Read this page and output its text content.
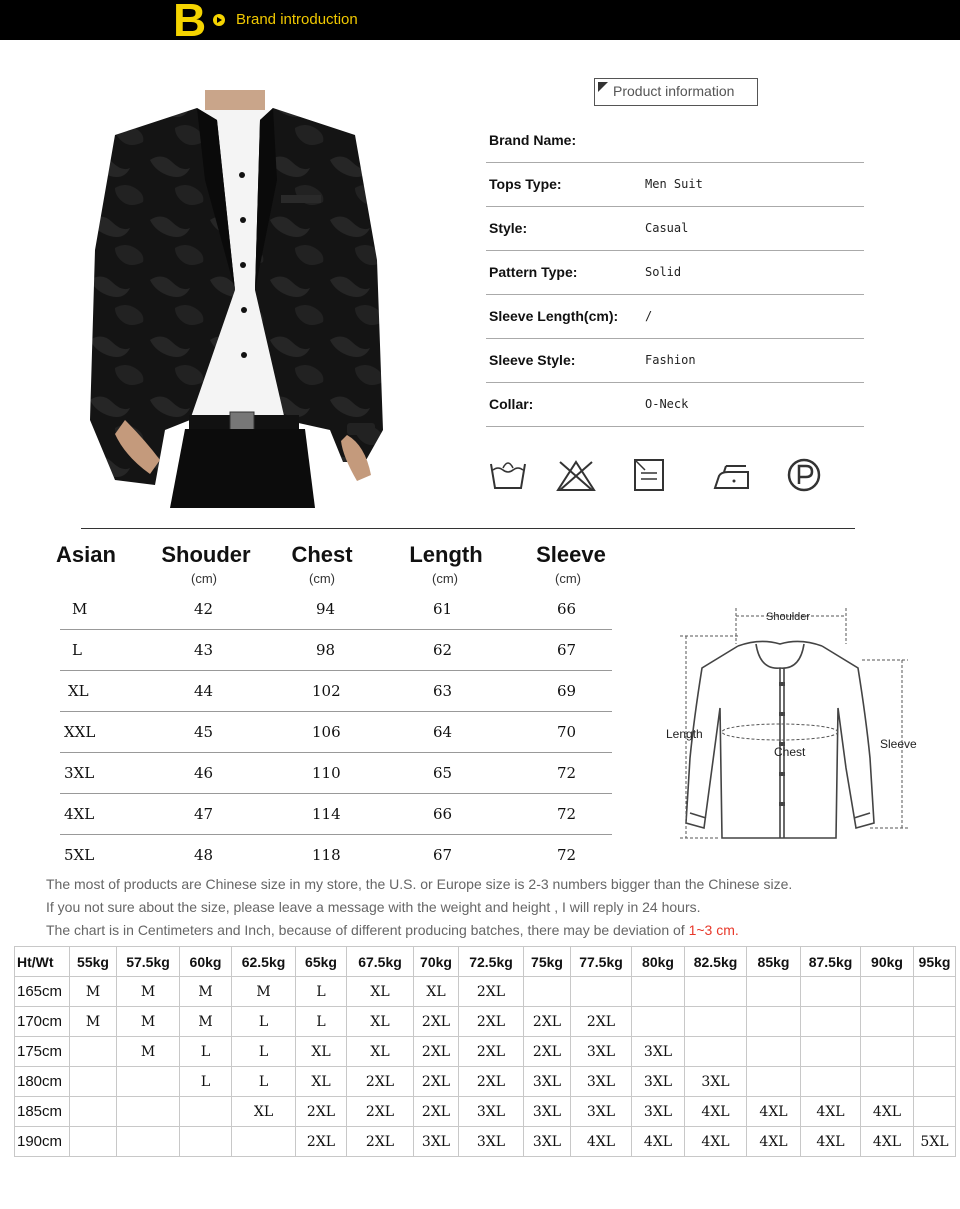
B Brand introduction
Product information
Brand Name:
Tops Type:	Men Suit
Style:	Casual
Pattern Type:	Solid
Sleeve Length(cm): /
Sleeve Style:	Fashion
Collar:	O-Neck
Asian	Shouder	Chest	Length	Sleeve
(cm)	(cm)	(cm)	(cm)
M	42	94	61	66
L	43	98	62	67
XL	44	102	63	69
XXL	45	106	64	70
3XL	46	110	65	72
4XL	47	114	66	72
5XL	48	118	67	72
Shoulder
Length
Chest
Sleeve
The most of products are Chinese size in my store, the U.S. or Europe size is 2-3 numbers bigger than the Chinese size.
If you not sure about the size, please leave a message with the weight and height , I will reply in 24 hours.
The chart is in Centimeters and Inch, because of different producing batches, there may be deviation of 1~3 cm.
Ht/Wt	55kg	57.5kg	60kg	62.5kg	65kg	67.5kg	70kg	72.5kg	75kg	77.5kg	80kg	82.5kg	85kg	87.5kg	90kg	95kg
165cm	M	M	M	M	L	XL	XL	2XL								
170cm	M	M	M	L	L	XL	2XL	2XL	2XL	2XL						
175cm		M	L	L	XL	XL	2XL	2XL	2XL	3XL	3XL					
180cm			L	L	XL	2XL	2XL	2XL	3XL	3XL	3XL	3XL				
185cm				XL	2XL	2XL	2XL	3XL	3XL	3XL	3XL	4XL	4XL	4XL	4XL	
190cm					2XL	2XL	3XL	3XL	3XL	4XL	4XL	4XL	4XL	4XL	4XL	5XL
